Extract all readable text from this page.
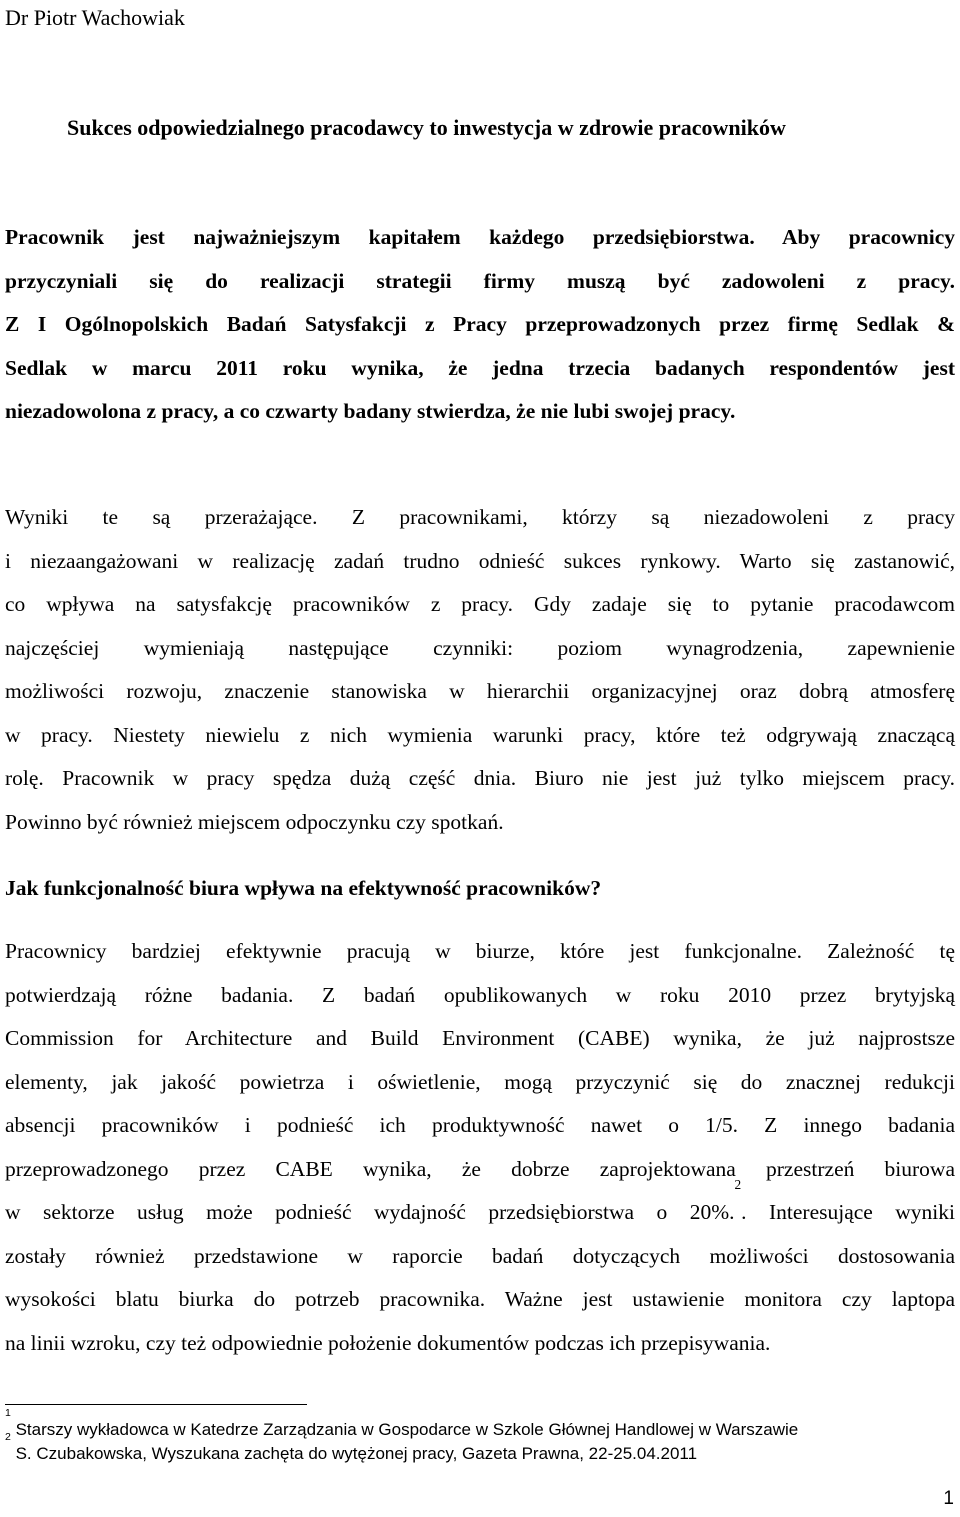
Dr Piotr Wachowiak
Sukces odpowiedzialnego pracodawcy to inwestycja w zdrowie pracowników
Pracownik jest najważniejszym kapitałem każdego przedsiębiorstwa. Aby pracownicy
przyczyniali się do realizacji strategii firmy muszą być zadowoleni z pracy.
Z I Ogólnopolskich Badań Satysfakcji z Pracy przeprowadzonych przez firmę Sedlak &
Sedlak w marcu 2011 roku wynika, że jedna trzecia badanych respondentów jest
niezadowolona z pracy, a co czwarty badany stwierdza, że nie lubi swojej pracy.
Wyniki te są przerażające. Z pracownikami, którzy są niezadowoleni z pracy
i niezaangażowani w realizację zadań trudno odnieść sukces rynkowy. Warto się zastanowić,
co wpływa na satysfakcję pracowników z pracy. Gdy zadaje się to pytanie pracodawcom
najczęściej wymieniają następujące czynniki: poziom wynagrodzenia, zapewnienie
możliwości rozwoju, znaczenie stanowiska w hierarchii organizacyjnej oraz dobrą atmosferę
w pracy. Niestety niewielu z nich wymienia warunki pracy, które też odgrywają znaczącą
rolę. Pracownik w pracy spędza dużą część dnia. Biuro nie jest już tylko miejscem pracy.
Powinno być również miejscem odpoczynku czy spotkań.
Jak funkcjonalność biura wpływa na efektywność pracowników?
Pracownicy bardziej efektywnie pracują w biurze, które jest funkcjonalne. Zależność tę
potwierdzają różne badania. Z badań opublikowanych w roku 2010 przez brytyjską
Commission for Architecture and Build Environment (CABE) wynika, że już najprostsze
elementy, jak jakość powietrza i oświetlenie, mogą przyczynić się do znacznej redukcji
absencji pracowników i podnieść ich produktywność nawet o 1/5. Z innego badania
przeprowadzonego przez CABE wynika, że dobrze zaprojektowana przestrzeń biurowa
w sektorze usług może podnieść wydajność przedsiębiorstwa o 20%.$^2$. Interesujące wyniki
zostały również przedstawione w raporcie badań dotyczących możliwości dostosowania
wysokości blatu biurka do potrzeb pracownika. Ważne jest ustawienie monitora czy laptopa
na linii wzroku, czy też odpowiednie położenie dokumentów podczas ich przepisywania.
$^1$ Starszy wykładowca w Katedrze Zarządzania w Gospodarce w Szkole Głównej Handlowej w Warszawie
$^2$ S. Czubakowska, Wyszukana zachęta do wytężonej pracy, Gazeta Prawna, 22-25.04.2011
1
